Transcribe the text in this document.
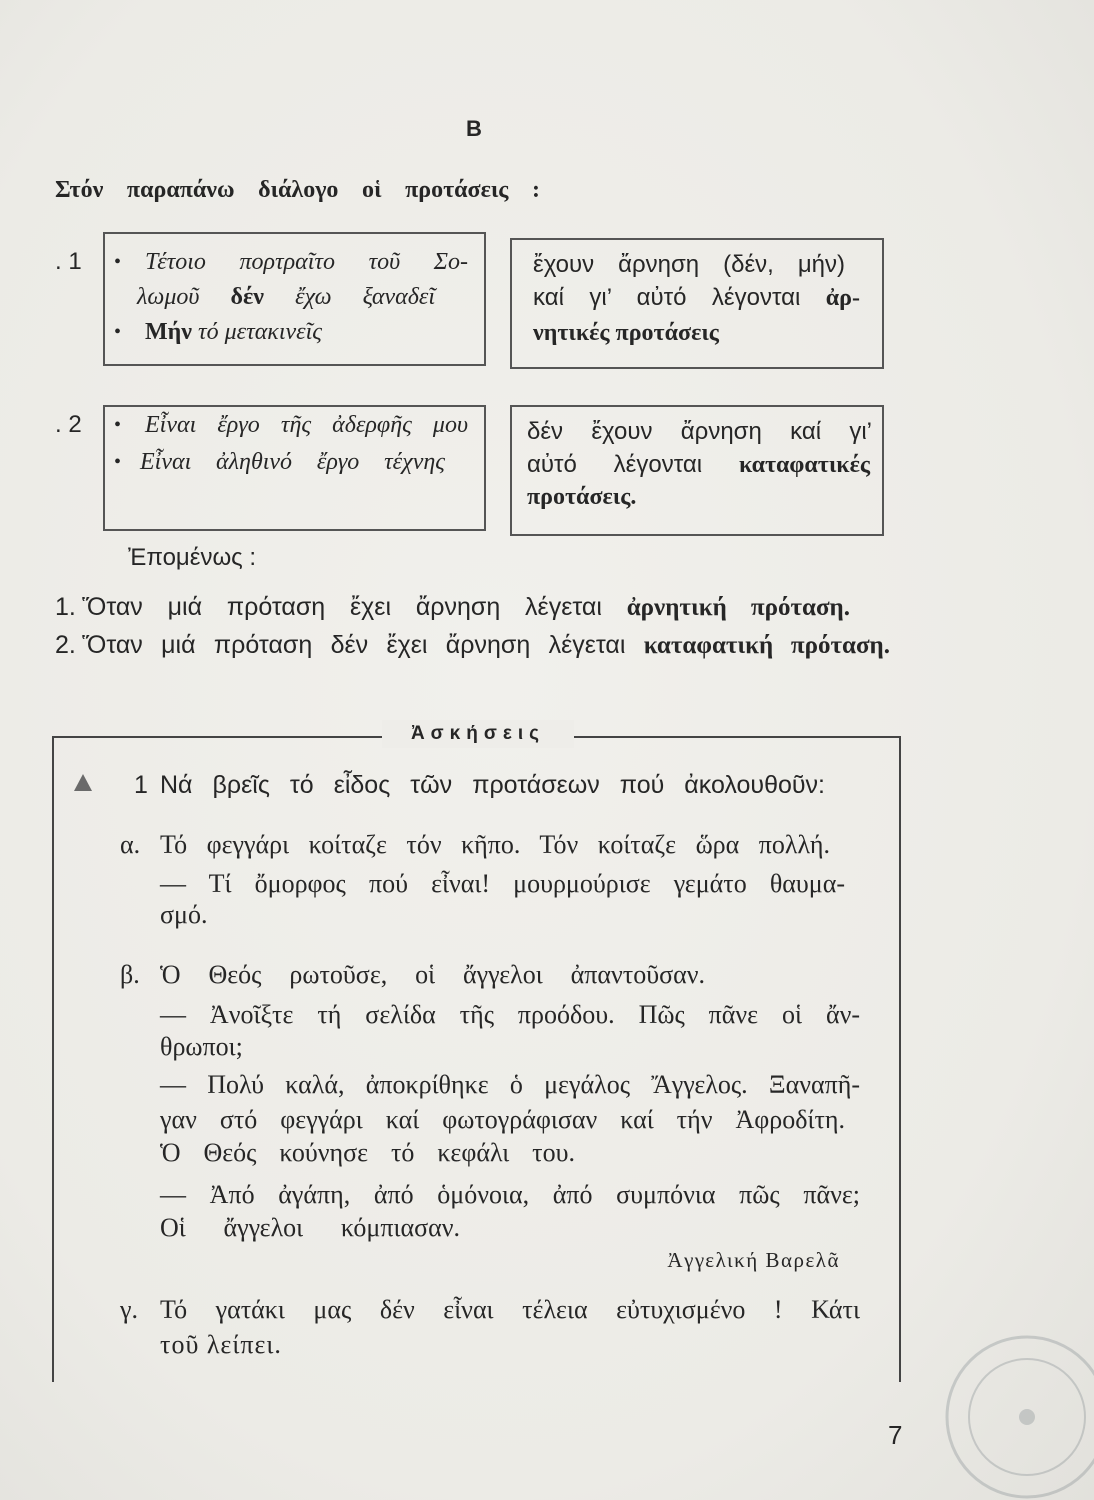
Β
Στόν παραπάνω διάλογο οἱ προτάσεις :
. 1 • Τέτοιο πορτραῖτο τοῦ Σο-
λωμοῦ δέν ἔχω ξαναδεῖ
• Μήν τό μετακινεῖς
ἔχουν ἄρνηση (δέν, μήν)
καί γι’ αὐτό λέγονται ἀρ-
νητικές προτάσεις
. 2 • Εἶναι ἔργο τῆς ἀδερφῆς μου
• Εἶναι ἀληθινό ἔργο τέχνης
δέν ἔχουν ἄρνηση καί γι’
αὐτό λέγονται καταφατικές
προτάσεις.
Ἐπομένως :
1. Ὅταν μιά πρόταση ἔχει ἄρνηση λέγεται ἀρνητική πρόταση.
2. Ὅταν μιά πρόταση δέν ἔχει ἄρνηση λέγεται καταφατική πρόταση.
Ἀσκήσεις
1 Νά βρεῖς τό εἶδος τῶν προτάσεων πού ἀκολουθοῦν:
α. Τό φεγγάρι κοίταζε τόν κῆπο. Τόν κοίταζε ὥρα πολλή.
— Τί ὄμορφος πού εἶναι! μουρμούρισε γεμάτο θαυμα-
σμό.
β. Ὁ Θεός ρωτοῦσε, οἱ ἄγγελοι ἀπαντοῦσαν.
— Ἀνοῖξτε τή σελίδα τῆς προόδου. Πῶς πᾶνε οἱ ἄν-
θρωποι;
— Πολύ καλά, ἀποκρίθηκε ὁ μεγάλος Ἄγγελος. Ξαναπῆ-
γαν στό φεγγάρι καί φωτογράφισαν καί τήν Ἀφροδίτη.
Ὁ Θεός κούνησε τό κεφάλι του.
— Ἀπό ἀγάπη, ἀπό ὁμόνοια, ἀπό συμπόνια πῶς πᾶνε;
Οἱ ἄγγελοι κόμπιασαν.
Ἀγγελική Βαρελᾶ
γ. Τό γατάκι μας δέν εἶναι τέλεια εὐτυχισμένο ! Κάτι
τοῦ λείπει.
7
